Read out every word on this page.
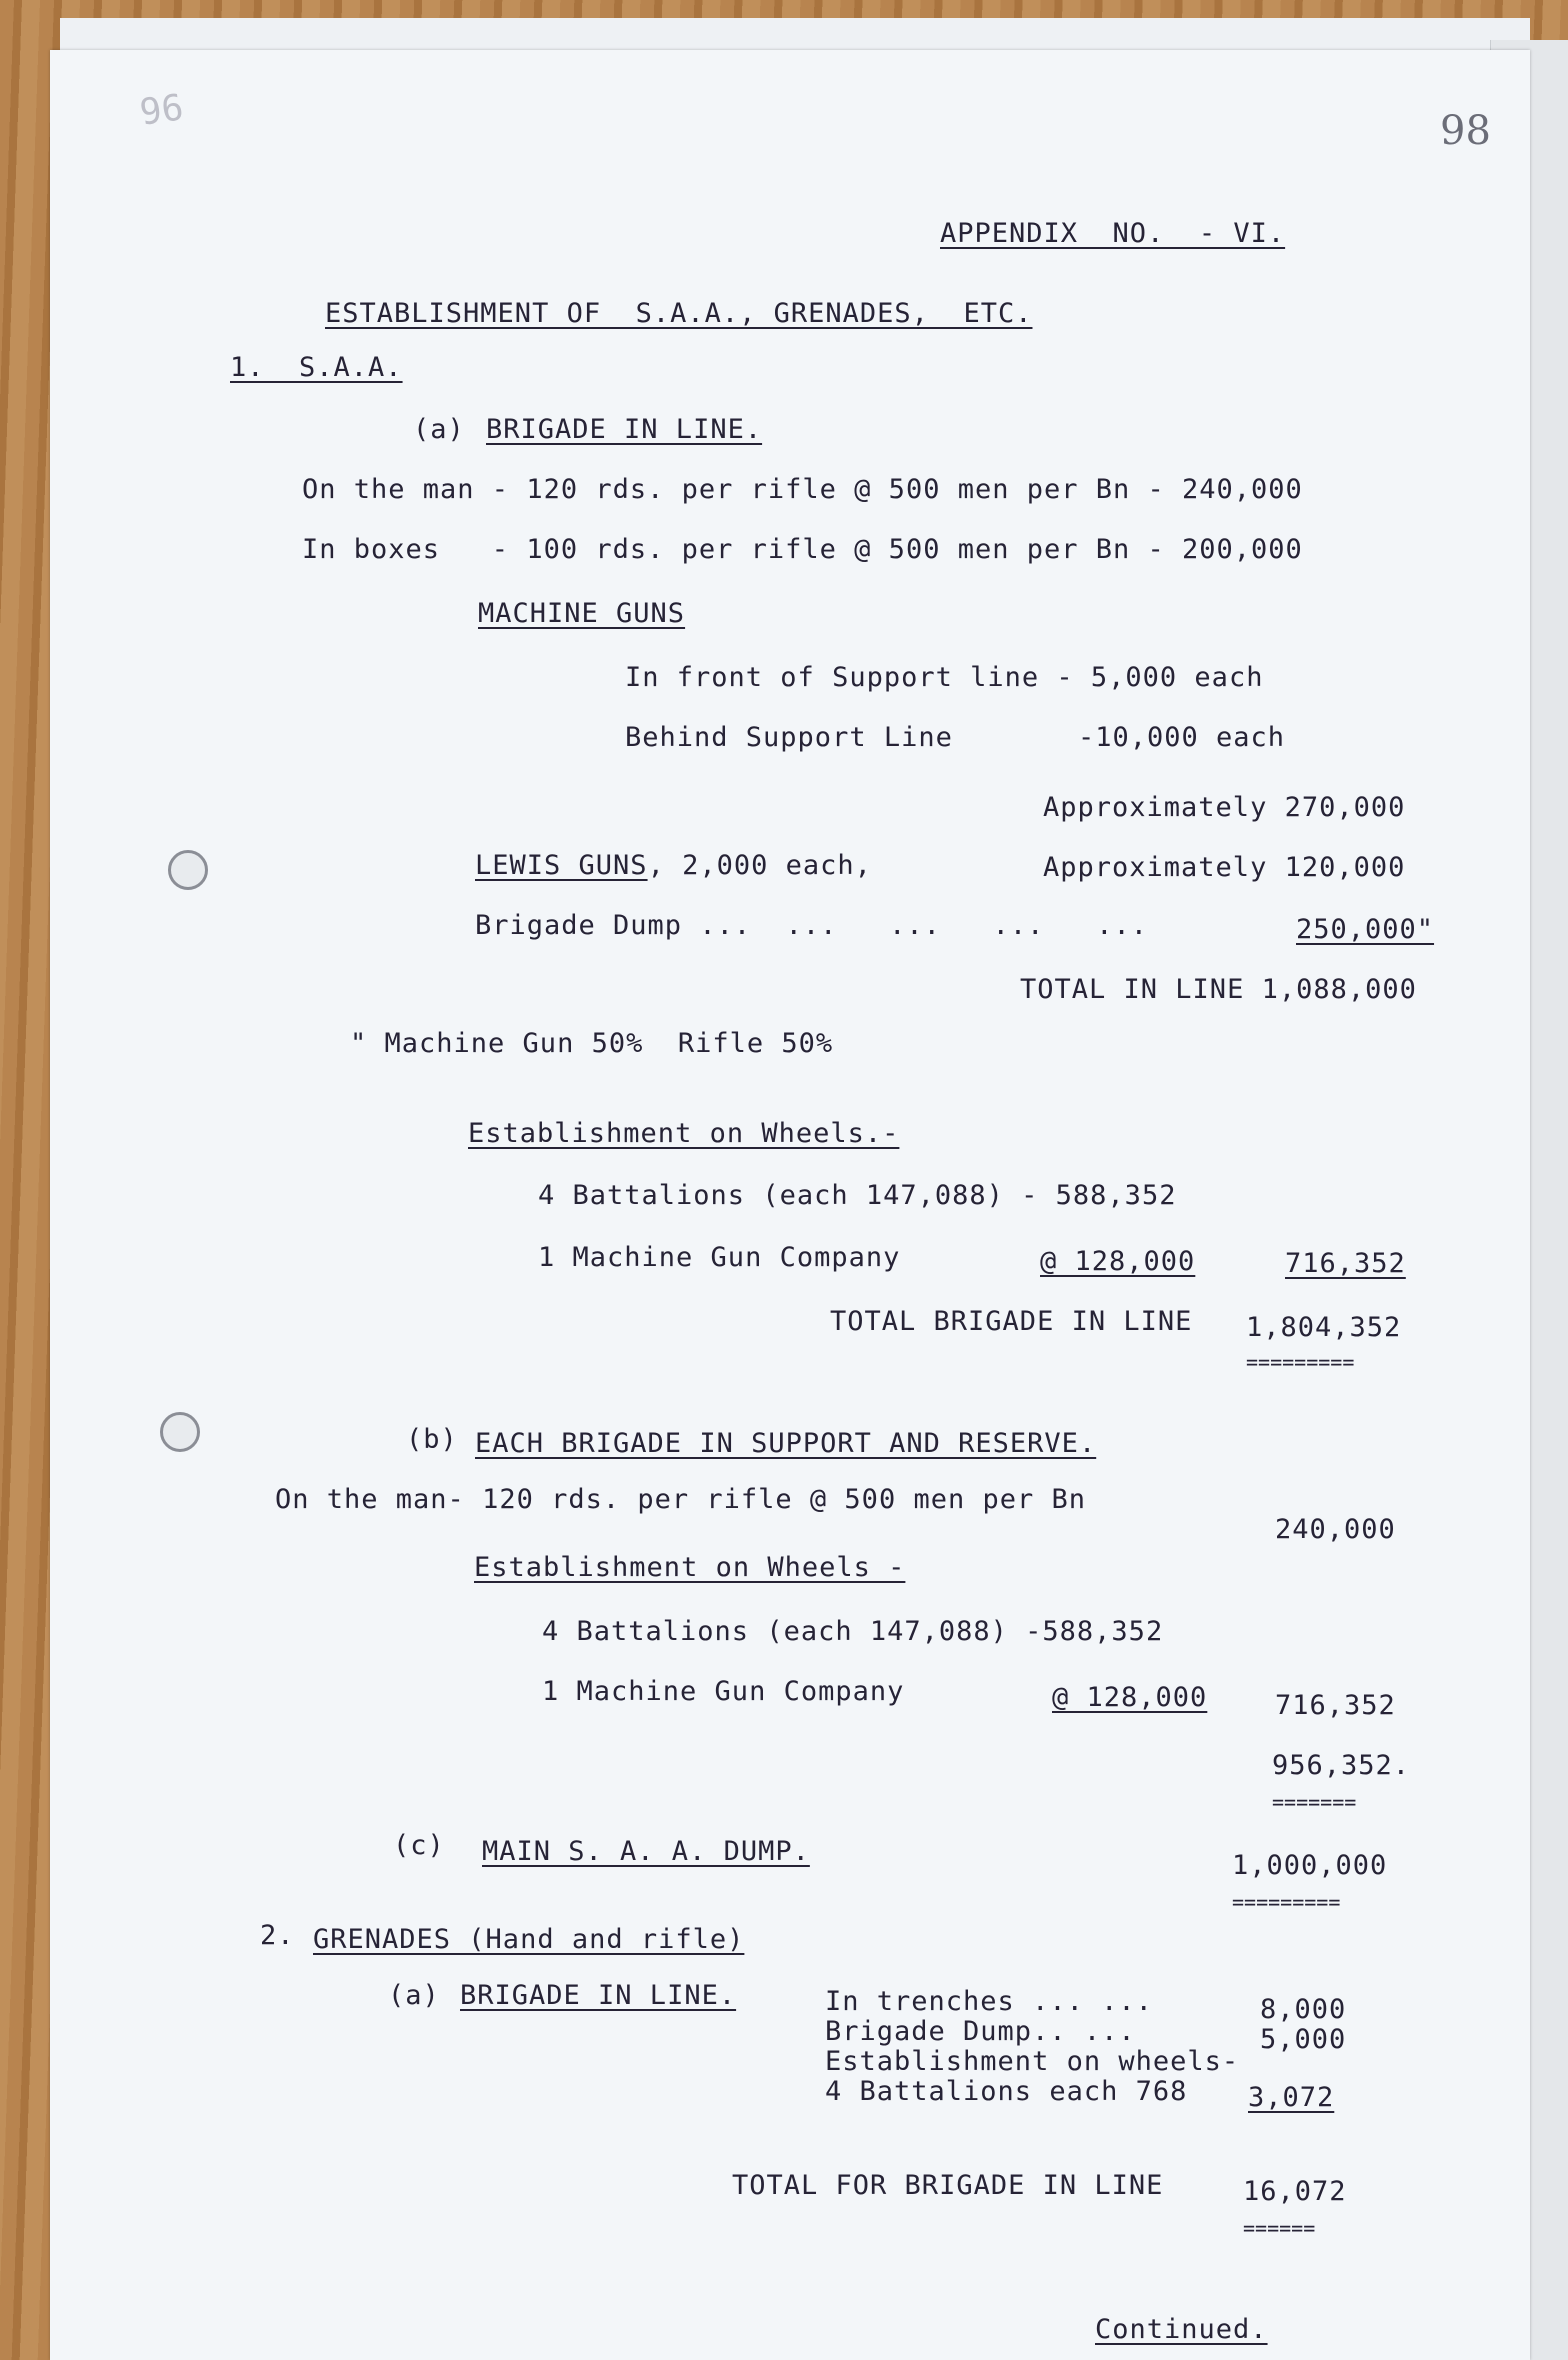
98
96
APPENDIX  NO.  - VI.
ESTABLISHMENT OF  S.A.A., GRENADES,  ETC.
1.  S.A.A.
(a) BRIGADE IN LINE.
On the man - 120 rds. per rifle @ 500 men per Bn - 240,000
In boxes   - 100 rds. per rifle @ 500 men per Bn - 200,000
MACHINE GUNS
In front of Support line - 5,000 each
Behind Support Line	-10,000 each
Approximately 270,000
LEWIS GUNS, 2,000 each,	Approximately 120,000
Brigade Dump ...  ...   ...   ...   ...	250,000"
TOTAL IN LINE 1,088,000
" Machine Gun 50%  Rifle 50%
Establishment on Wheels.-
4 Battalions (each 147,088) - 588,352
1 Machine Gun Company	@ 128,000	716,352
TOTAL BRIGADE IN LINE 1,804,352
=========
(b) EACH BRIGADE IN SUPPORT AND RESERVE.
On the man- 120 rds. per rifle @ 500 men per Bn
240,000
Establishment on Wheels -
4 Battalions (each 147,088) -588,352
1 Machine Gun Company	@ 128,000	716,352
956,352.
=======
(c) MAIN S. A. A. DUMP.	1,000,000
=========
2. GRENADES (Hand and rifle)
(a) BRIGADE IN LINE.	In trenches ... ...	8,000
Brigade Dump.. ...	5,000
Establishment on wheels-
4 Battalions each 768 3,072
TOTAL FOR BRIGADE IN LINE	16,072
======
Continued.
